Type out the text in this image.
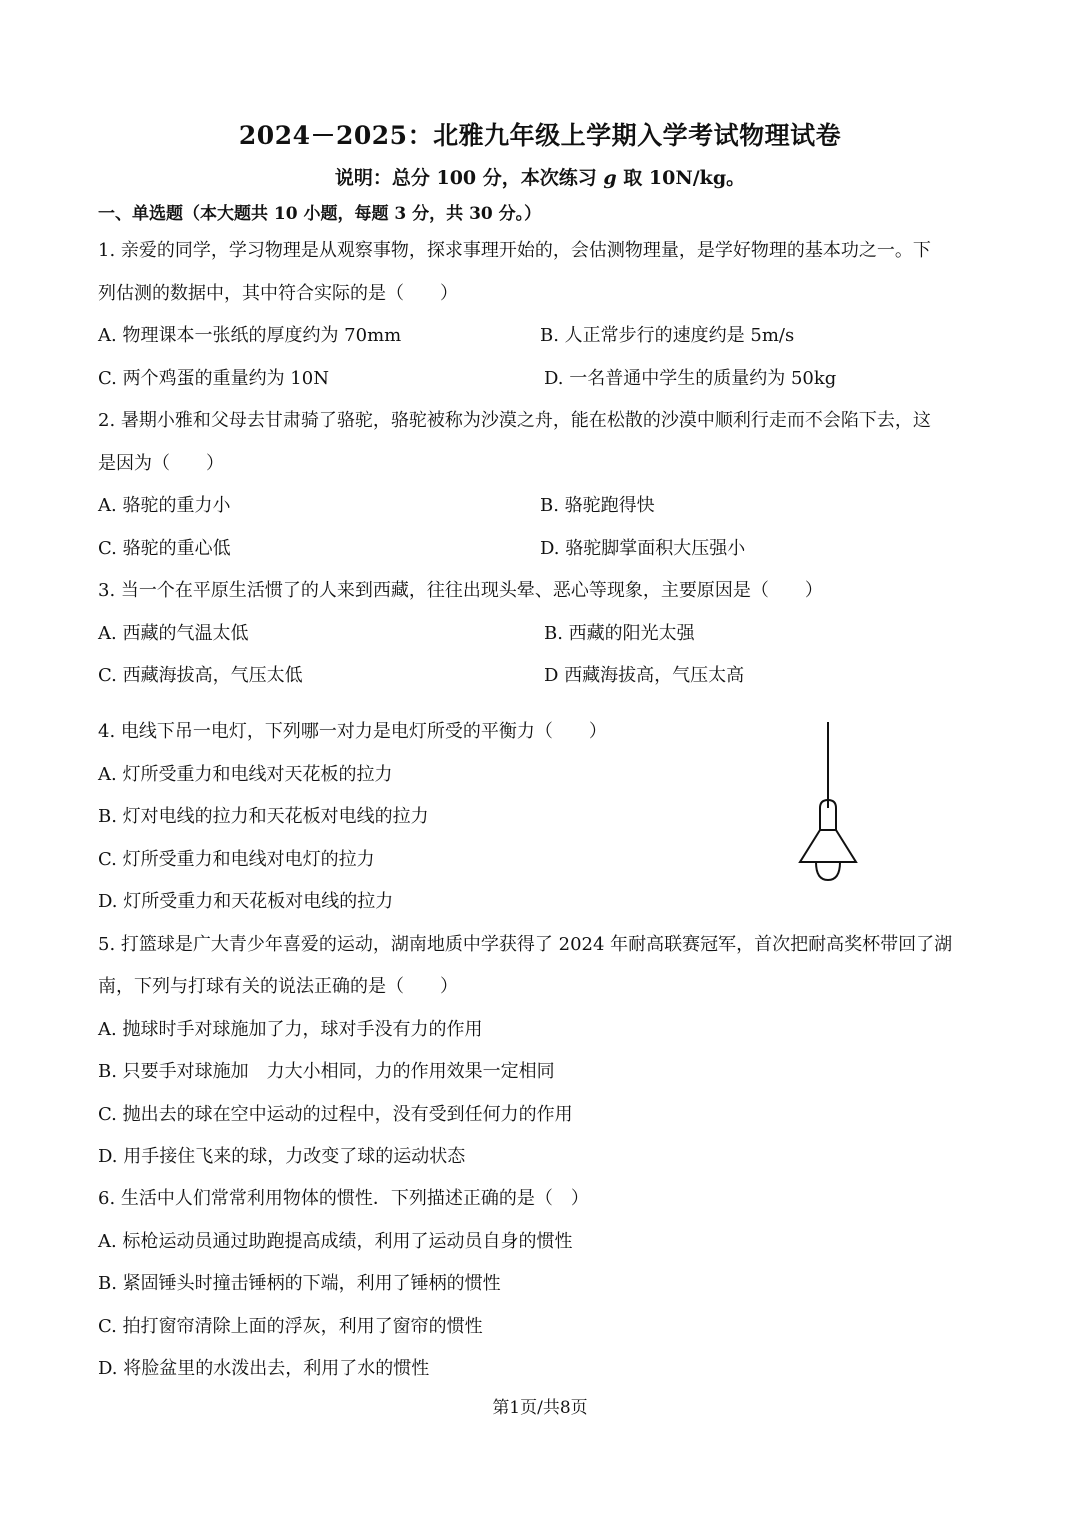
2024－2025：北雅九年级上学期入学考试物理试卷
说明：总分 100 分，本次练习 g 取 10N/kg。
一、单选题（本大题共 10 小题，每题 3 分，共 30 分。）
1. 亲爱的同学，学习物理是从观察事物，探求事理开始的，会估测物理量，是学好物理的基本功之一。下
列估测的数据中，其中符合实际的是（　　）
A. 物理课本一张纸的厚度约为 70mm	B. 人正常步行的速度约是 5m/s
C. 两个鸡蛋的重量约为 10N	D. 一名普通中学生的质量约为 50kg
2. 暑期小雅和父母去甘肃骑了骆驼，骆驼被称为沙漠之舟，能在松散的沙漠中顺利行走而不会陷下去，这
是因为（　　）
A. 骆驼的重力小	B. 骆驼跑得快
C. 骆驼的重心低	D. 骆驼脚掌面积大压强小
3. 当一个在平原生活惯了的人来到西藏，往往出现头晕、恶心等现象，主要原因是（　　）
A. 西藏的气温太低	B. 西藏的阳光太强
C. 西藏海拔高，气压太低	D 西藏海拔高，气压太高
4. 电线下吊一电灯，下列哪一对力是电灯所受的平衡力（　　）
A. 灯所受重力和电线对天花板的拉力
B. 灯对电线的拉力和天花板对电线的拉力
C. 灯所受重力和电线对电灯的拉力
D. 灯所受重力和天花板对电线的拉力
5. 打篮球是广大青少年喜爱的运动，湖南地质中学获得了 2024 年耐高联赛冠军，首次把耐高奖杯带回了湖
南，下列与打球有关的说法正确的是（　　）
A. 抛球时手对球施加了力，球对手没有力的作用
B. 只要手对球施加　力大小相同，力的作用效果一定相同
C. 抛出去的球在空中运动的过程中，没有受到任何力的作用
D. 用手接住飞来的球，力改变了球的运动状态
6. 生活中人们常常利用物体的惯性．下列描述正确的是（　）
A. 标枪运动员通过助跑提高成绩，利用了运动员自身的惯性
B. 紧固锤头时撞击锤柄的下端，利用了锤柄的惯性
C. 拍打窗帘清除上面的浮灰，利用了窗帘的惯性
D. 将脸盆里的水泼出去，利用了水的惯性
第1页/共8页
